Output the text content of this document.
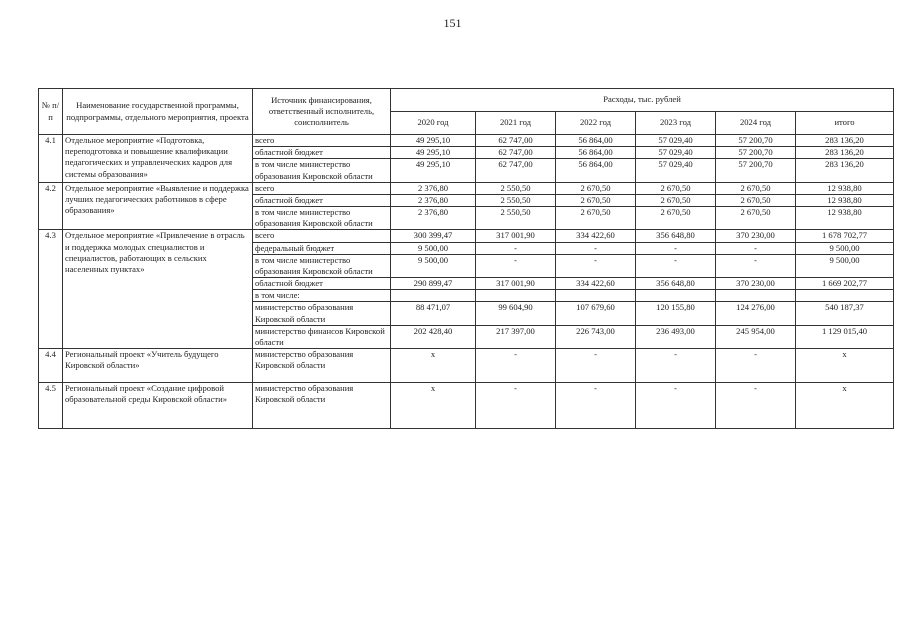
151
№ п/п	Наименование государственной программы, подпрограммы, отдельного мероприятия, проекта	Источник финансирования, ответственный исполнитель, соисполнитель	Расходы, тыс. рублей					
			2020 год	2021 год	2022 год	2023 год	2024 год	итого
4.1	Отдельное мероприятие «Подготовка, переподготовка и повышение квалификации педагогических и управленческих кадров для системы образования»	всего	49 295,10	62 747,00	56 864,00	57 029,40	57 200,70	283 136,20
		областной бюджет	49 295,10	62 747,00	56 864,00	57 029,40	57 200,70	283 136,20
		в том числе министерство образования Кировской области	49 295,10	62 747,00	56 864,00	57 029,40	57 200,70	283 136,20
4.2	Отдельное мероприятие «Выявление и поддержка лучших педагогических работников в сфере образования»	всего	2 376,80	2 550,50	2 670,50	2 670,50	2 670,50	12 938,80
		областной бюджет	2 376,80	2 550,50	2 670,50	2 670,50	2 670,50	12 938,80
		в том числе министерство образования Кировской области	2 376,80	2 550,50	2 670,50	2 670,50	2 670,50	12 938,80
4.3	Отдельное мероприятие «Привлечение в отрасль и поддержка молодых специалистов и специалистов, работающих в сельских населенных пунктах»	всего	300 399,47	317 001,90	334 422,60	356 648,80	370 230,00	1 678 702,77
		федеральный бюджет	9 500,00	-	-	-	-	9 500,00
		в том числе министерство образования Кировской области	9 500,00	-	-	-	-	9 500,00
		областной бюджет	290 899,47	317 001,90	334 422,60	356 648,80	370 230,00	1 669 202,77
		в том числе:						
		министерство образования Кировской области	88 471,07	99 604,90	107 679,60	120 155,80	124 276,00	540 187,37
		министерство финансов Кировской области	202 428,40	217 397,00	226 743,00	236 493,00	245 954,00	1 129 015,40
4.4	Региональный проект «Учитель будущего Кировской области»	министерство образования Кировской области	x	-	-	-	-	x
4.5	Региональный проект «Создание цифровой образовательной среды Кировской области»	министерство образования Кировской области	x	-	-	-	-	x
